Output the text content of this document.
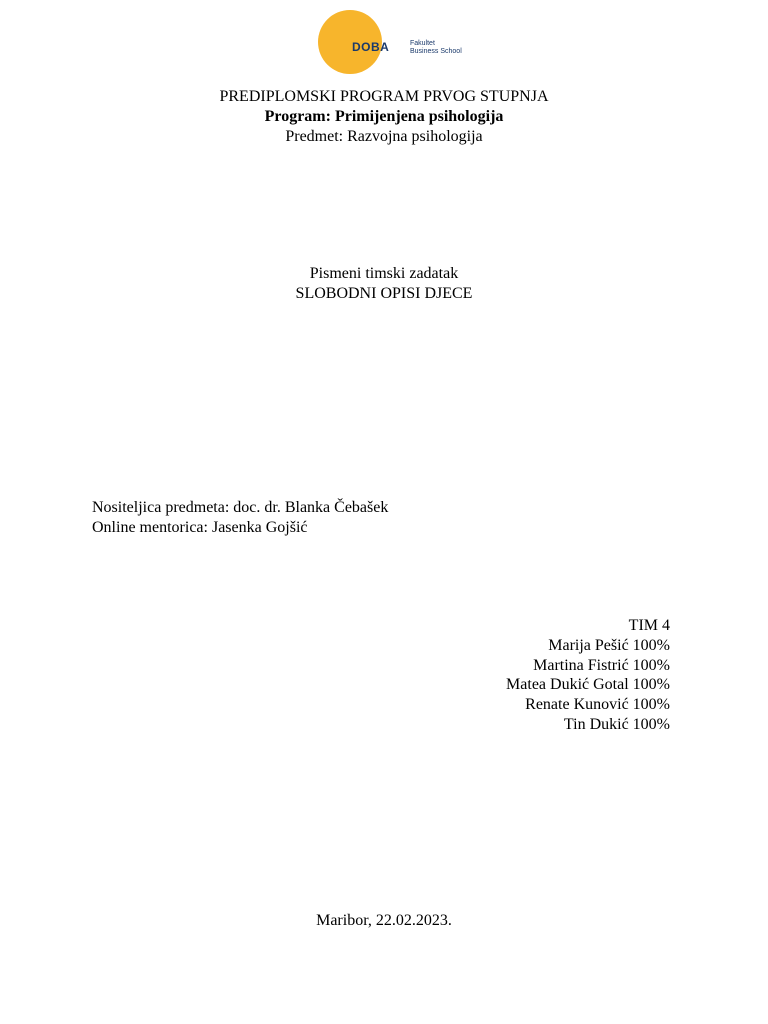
DOBA	Fakultet
Business School
PREDIPLOMSKI PROGRAM PRVOG STUPNJA
Program: Primijenjena psihologija
Predmet: Razvojna psihologija
Pismeni timski zadatak
SLOBODNI OPISI DJECE
Nositeljica predmeta: doc. dr. Blanka Čebašek
Online mentorica: Jasenka Gojšić
TIM 4
Marija Pešić 100%
Martina Fistrić 100%
Matea Dukić Gotal 100%
Renate Kunović 100%
Tin Dukić 100%
Maribor, 22.02.2023.
